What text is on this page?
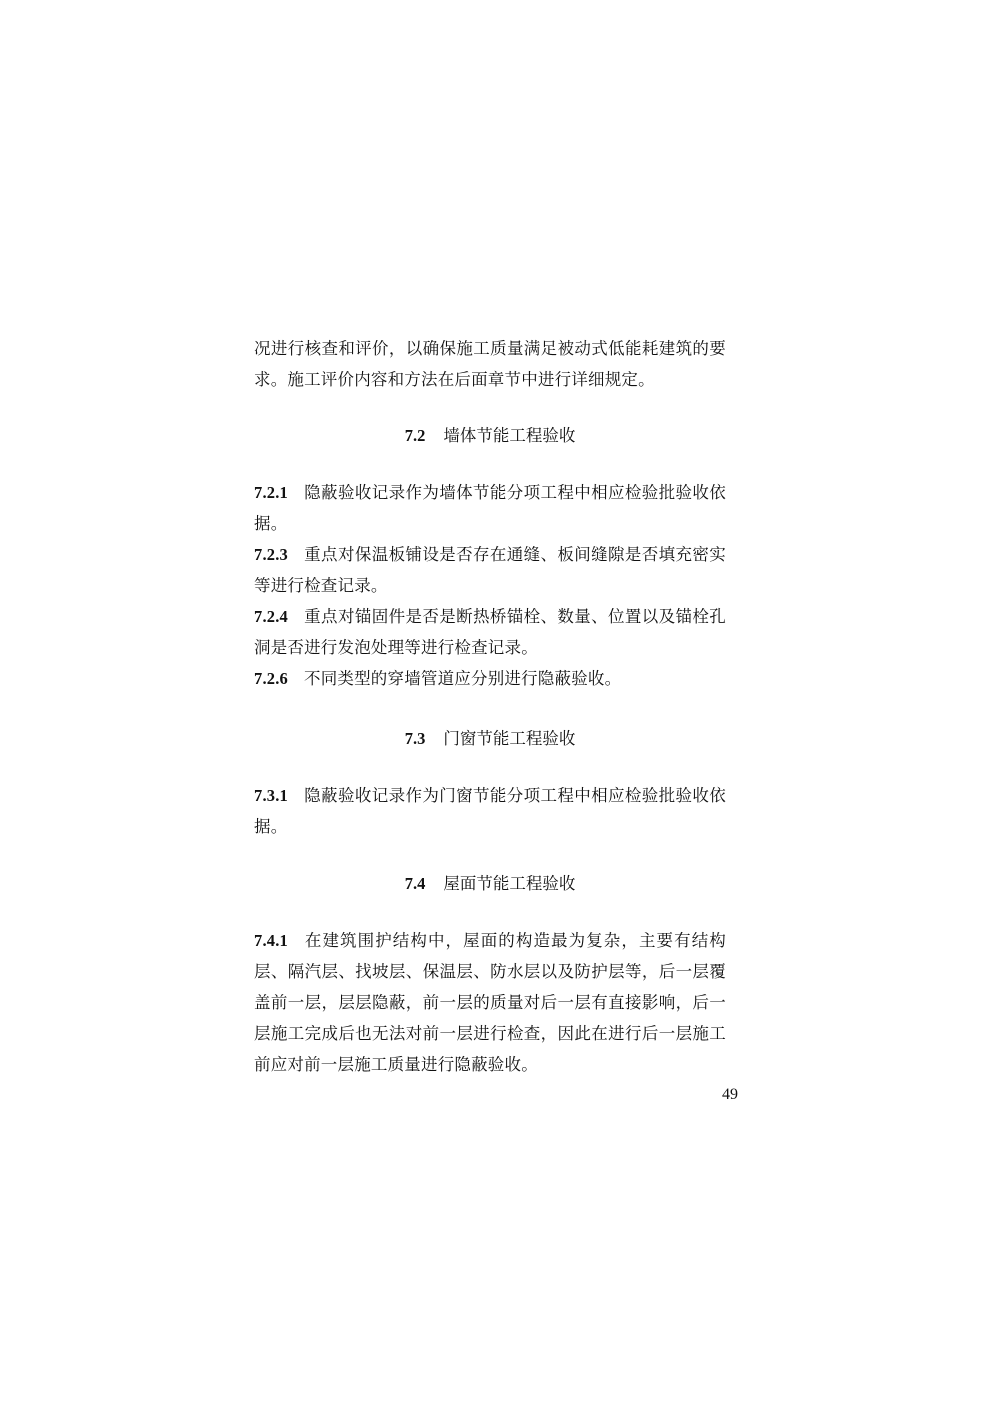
况进行核查和评价，以确保施工质量满足被动式低能耗建筑的要求。施工评价内容和方法在后面章节中进行详细规定。

7.2 墙体节能工程验收

7.2.1 隐蔽验收记录作为墙体节能分项工程中相应检验批验收依据。

7.2.3 重点对保温板铺设是否存在通缝、板间缝隙是否填充密实等进行检查记录。

7.2.4 重点对锚固件是否是断热桥锚栓、数量、位置以及锚栓孔洞是否进行发泡处理等进行检查记录。

7.2.6 不同类型的穿墙管道应分别进行隐蔽验收。

7.3 门窗节能工程验收

7.3.1 隐蔽验收记录作为门窗节能分项工程中相应检验批验收依据。

7.4 屋面节能工程验收

7.4.1 在建筑围护结构中，屋面的构造最为复杂，主要有结构层、隔汽层、找坡层、保温层、防水层以及防护层等，后一层覆盖前一层，层层隐蔽，前一层的质量对后一层有直接影响，后一层施工完成后也无法对前一层进行检查，因此在进行后一层施工前应对前一层施工质量进行隐蔽验收。

49
